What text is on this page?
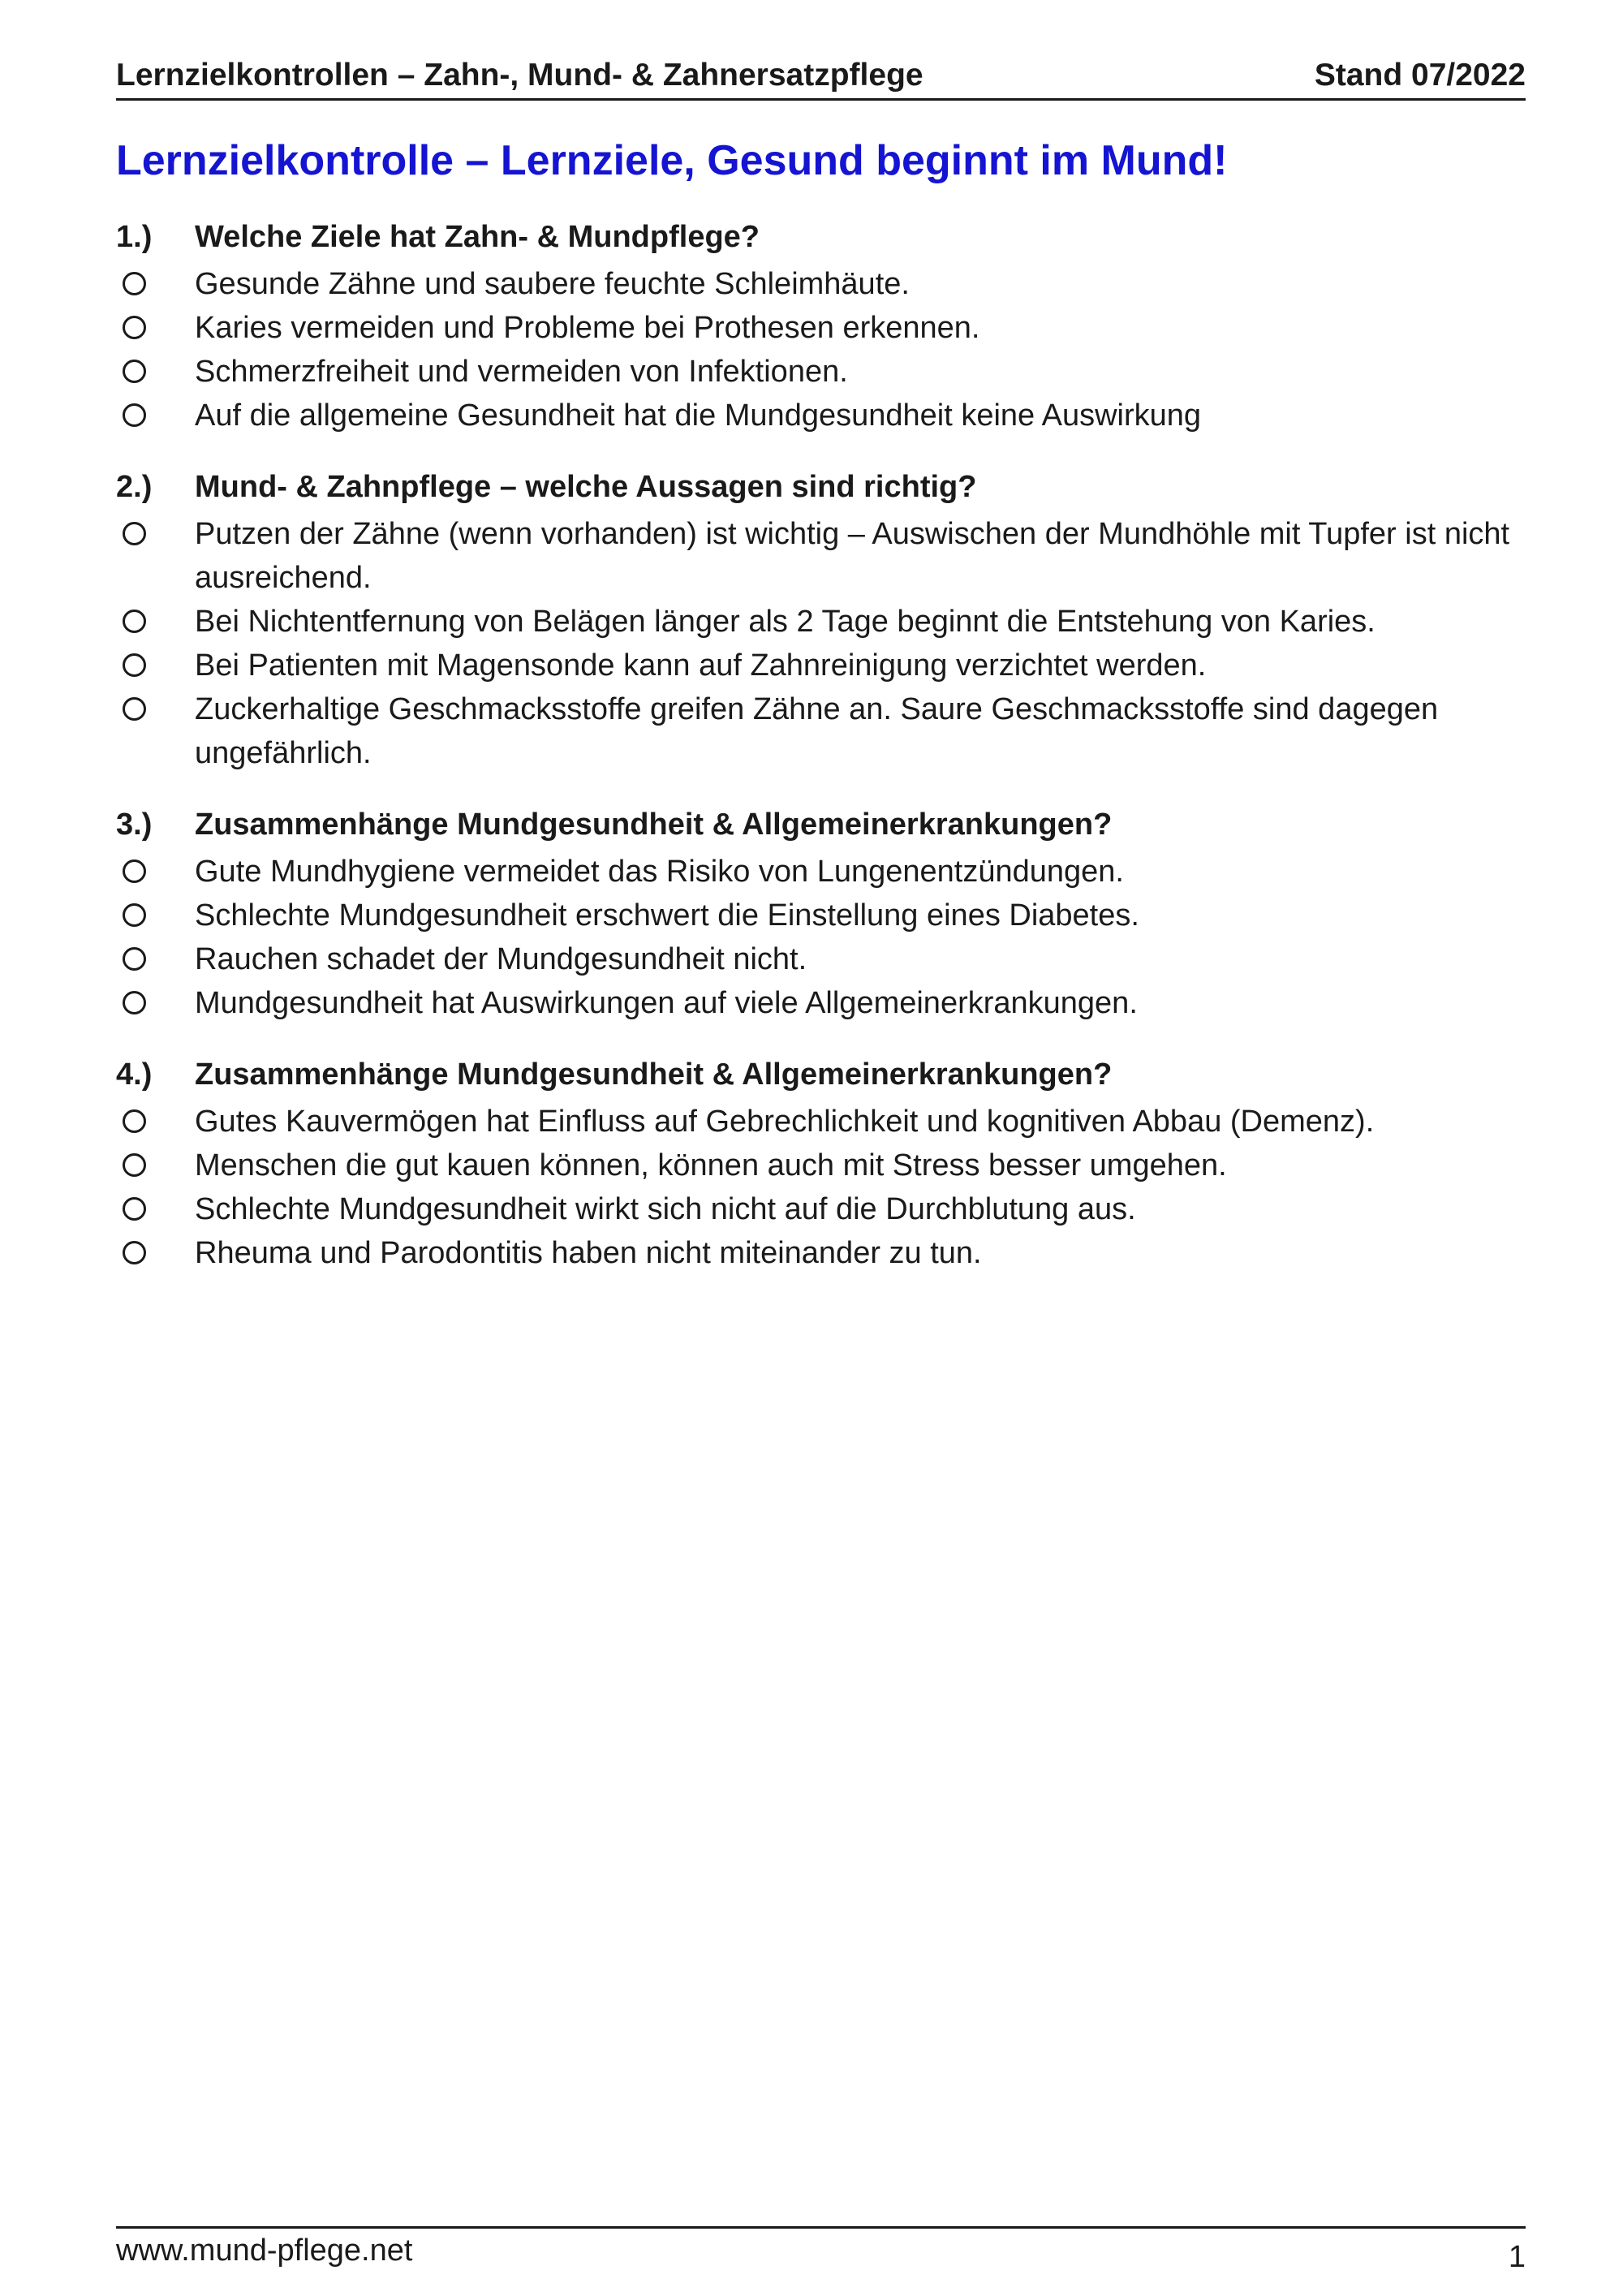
Lernzielkontrollen – Zahn-, Mund- & Zahnersatzpflege	Stand 07/2022
Lernzielkontrolle – Lernziele, Gesund beginnt im Mund!
1.)	Welche Ziele hat Zahn- & Mundpflege?
Gesunde Zähne und saubere feuchte Schleimhäute.
Karies vermeiden und Probleme bei Prothesen erkennen.
Schmerzfreiheit und vermeiden von Infektionen.
Auf die allgemeine Gesundheit hat die Mundgesundheit keine Auswirkung
2.)	Mund- & Zahnpflege – welche Aussagen sind richtig?
Putzen der Zähne (wenn vorhanden) ist wichtig – Auswischen der Mundhöhle mit Tupfer ist nicht ausreichend.
Bei Nichtentfernung von Belägen länger als 2 Tage beginnt die Entstehung von Karies.
Bei Patienten mit Magensonde kann auf Zahnreinigung verzichtet werden.
Zuckerhaltige Geschmacksstoffe greifen Zähne an. Saure Geschmacksstoffe sind dagegen ungefährlich.
3.)	Zusammenhänge Mundgesundheit & Allgemeinerkrankungen?
Gute Mundhygiene vermeidet das Risiko von Lungenentzündungen.
Schlechte Mundgesundheit erschwert die Einstellung eines Diabetes.
Rauchen schadet der Mundgesundheit nicht.
Mundgesundheit hat Auswirkungen auf viele Allgemeinerkrankungen.
4.)	Zusammenhänge Mundgesundheit & Allgemeinerkrankungen?
Gutes Kauvermögen hat Einfluss auf Gebrechlichkeit und kognitiven Abbau (Demenz).
Menschen die gut kauen können, können auch mit Stress besser umgehen.
Schlechte Mundgesundheit wirkt sich nicht auf die Durchblutung aus.
Rheuma und Parodontitis haben nicht miteinander zu tun.
www.mund-pflege.net	1
